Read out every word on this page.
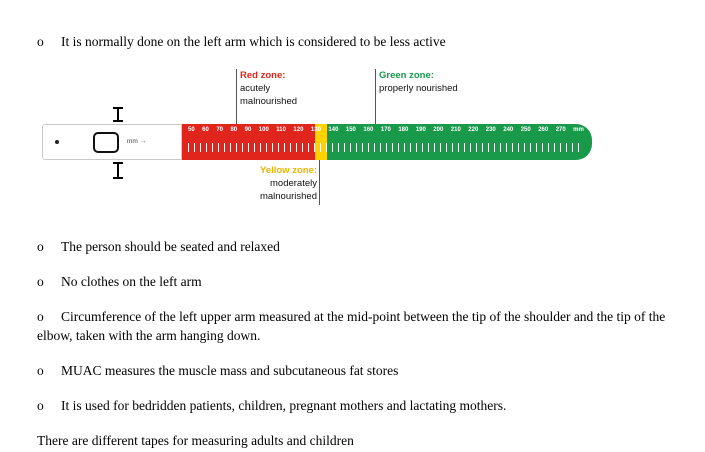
o It is normally done on the left arm which is considered to be less active

Red zone:
acutely
malnourished
Green zone:
properly nourished
mm →
50 60 70 80 90 100 110 120 130 140 150 160 170 180 190 200 210 220 230 240 250 260 270 mm
Yellow zone:
moderately
malnourished

o The person should be seated and relaxed

o No clothes on the left arm

o Circumference of the left upper arm measured at the mid-point between the tip of the shoulder and the tip of the elbow, taken with the arm hanging down.

o MUAC measures the muscle mass and subcutaneous fat stores

o It is used for bedridden patients, children, pregnant mothers and lactating mothers.

There are different tapes for measuring adults and children
